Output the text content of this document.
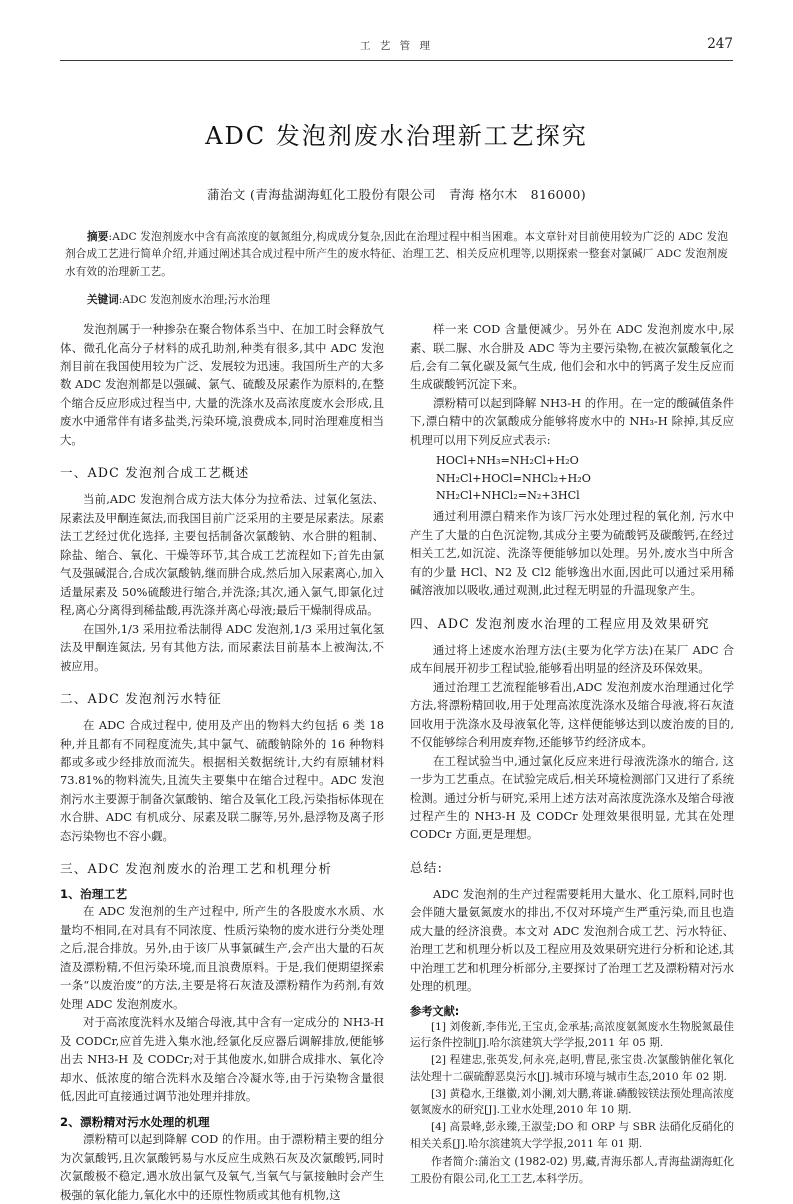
工 艺 管 理	247
ADC 发泡剂废水治理新工艺探究
蒲治文 (青海盐湖海虹化工股份有限公司　青海 格尔木　816000)

摘要:ADC 发泡剂废水中含有高浓度的氨氮组分,构成成分复杂,因此在治理过程中相当困难。本文章针对目前使用较为广泛的 ADC 发泡剂合成工艺进行简单介绍,并通过阐述其合成过程中所产生的废水特征、治理工艺、相关反应机理等,以期探索一整套对氯碱厂 ADC 发泡剂废水有效的治理新工艺。

关键词:ADC 发泡剂废水治理;污水治理

发泡剂属于一种掺杂在聚合物体系当中、在加工时会释放气体、微孔化高分子材料的成孔助剂,种类有很多,其中 ADC 发泡剂目前在我国使用较为广泛、发展较为迅速。我国所生产的大多数 ADC 发泡剂都是以强碱、氯气、硫酸及尿素作为原料的,在整个缩合反应形成过程当中, 大量的洗涤水及高浓度废水会形成,且废水中通常伴有诸多盐类,污染环境,浪费成本,同时治理难度相当大。

一、ADC 发泡剂合成工艺概述

当前,ADC 发泡剂合成方法大体分为拉希法、过氧化氢法、尿素法及甲酮连氮法,而我国目前广泛采用的主要是尿素法。尿素法工艺经过优化选择, 主要包括制备次氯酸钠、水合肼的粗制、除盐、缩合、氧化、干燥等环节,其合成工艺流程如下;首先由氯气及强碱混合,合成次氯酸钠,继而肼合成,然后加入尿素离心,加入适量尿素及 50%硫酸进行缩合,并洗涤;其次,通入氯气,即氯化过程,离心分离得到稀盐酸,再洗涤并离心母液;最后干燥制得成品。

在国外,1/3 采用拉希法制得 ADC 发泡剂,1/3 采用过氧化氢法及甲酮连氮法, 另有其他方法, 而尿素法目前基本上被淘汰,不被应用。

二、ADC 发泡剂污水特征

在 ADC 合成过程中, 使用及产出的物料大约包括 6 类 18 种,并且都有不同程度流失,其中氯气、硫酸钠除外的 16 种物料都或多或少经排放而流失。根据相关数据统计,大约有原辅材料 73.81%的物料流失,且流失主要集中在缩合过程中。ADC 发泡剂污水主要源于制备次氯酸钠、缩合及氧化工段,污染指标体现在水合肼、ADC 有机成分、尿素及联二脲等,另外,悬浮物及离子形态污染物也不容小觑。

三、ADC 发泡剂废水的治理工艺和机理分析
1、治理工艺

在 ADC 发泡剂的生产过程中, 所产生的各股废水水质、水量均不相同,在对具有不同浓度、性质污染物的废水进行分类处理之后,混合排放。另外,由于该厂从事氯碱生产,会产出大量的石灰渣及漂粉精,不但污染环境,而且浪费原料。于是,我们便期望探索一条“以废治废”的方法,主要是将石灰渣及漂粉精作为药剂,有效处理 ADC 发泡剂废水。

对于高浓度洗料水及缩合母液,其中含有一定成分的 NH3-H 及 CODCr,应首先进入集水池,经氯化反应器后调解排放,便能够出去 NH3-H 及 CODCr;对于其他废水,如肼合成排水、氧化冷却水、低浓度的缩合洗料水及缩合冷凝水等,由于污染物含量很低,因此可直接通过调节池处理并排放。

2、漂粉精对污水处理的机理

漂粉精可以起到降解 COD 的作用。由于漂粉精主要的组分为次氯酸钙,且次氯酸钙易与水反应生成熟石灰及次氯酸钙,同时次氯酸极不稳定,遇水放出氯气及氧气,当氧气与氯接触时会产生极强的氧化能力,氧化水中的还原性物质或其他有机物,这

样一来 COD 含量便减少。另外在 ADC 发泡剂废水中,尿素、联二脲、水合肼及 ADC 等为主要污染物,在被次氯酸氧化之后,会有二氧化碳及氮气生成, 他们会和水中的钙离子发生反应而生成碳酸钙沉淀下来。

漂粉精可以起到降解 NH3-H 的作用。在一定的酸碱值条件下,漂白精中的次氯酸成分能够将废水中的 NH₃-H 除掉,其反应机理可以用下列反应式表示:

HOCl+NH₃=NH₂Cl+H₂O
NH₂Cl+HOCl=NHCl₂+H₂O
NH₂Cl+NHCl₂=N₂+3HCl

通过利用漂白精来作为该厂污水处理过程的氧化剂, 污水中产生了大量的白色沉淀物,其成分主要为硫酸钙及碳酸钙,在经过相关工艺,如沉淀、洗涤等便能够加以处理。另外,废水当中所含有的少量 HCl、N2 及 Cl2 能够逸出水面,因此可以通过采用稀碱溶液加以吸收,通过观测,此过程无明显的升温现象产生。

四、ADC 发泡剂废水治理的工程应用及效果研究

通过将上述废水治理方法(主要为化学方法)在某厂 ADC 合成车间展开初步工程试验,能够看出明显的经济及环保效果。

通过治理工艺流程能够看出,ADC 发泡剂废水治理通过化学方法,将漂粉精回收,用于处理高浓度洗涤水及缩合母液,将石灰渣回收用于洗涤水及母液氧化等, 这样便能够达到以废治废的目的,不仅能够综合利用废弃物,还能够节约经济成本。

在工程试验当中,通过氯化反应来进行母液洗涤水的缩合, 这一步为工艺重点。在试验完成后,相关环境检测部门又进行了系统检测。通过分析与研究,采用上述方法对高浓度洗涤水及缩合母液过程产生的 NH3-H 及 CODCr 处理效果很明显, 尤其在处理 CODCr 方面,更是理想。

总结:

ADC 发泡剂的生产过程需要耗用大量水、化工原料,同时也会伴随大量氨氮废水的排出,不仅对环境产生严重污染,而且也造成大量的经济浪费。本文对 ADC 发泡剂合成工艺、污水特征、治理工艺和机理分析以及工程应用及效果研究进行分析和论述,其中治理工艺和机理分析部分,主要探讨了治理工艺及漂粉精对污水处理的机理。

参考文献:

[1] 刘俊新,李伟光,王宝贞,金承基;高浓度氨氮废水生物脱氮最佳运行条件控制[J].哈尔滨建筑大学学报,2011 年 05 期.

[2] 程建忠,张英发,何永亮,赵明,曹昆,张宝贵.次氯酸钠催化氧化法处理十二碳硫醇恶臭污水[J].城市环境与城市生态,2010 年 02 期.

[3] 黄稳水,王继徽,刘小澜,刘大鹏,蒋谦.磷酸铵镁法预处理高浓度氨氮废水的研究[J].工业水处理,2010 年 10 期.

[4] 高景峰,彭永臻,王淑莹;DO 和 ORP 与 SBR 法硝化反硝化的相关关系[J].哈尔滨建筑大学学报,2011 年 01 期.

作者简介:蒲治文 (1982-02) 男,藏,青海乐都人,青海盐湖海虹化工股份有限公司,化工工艺,本科学历。
